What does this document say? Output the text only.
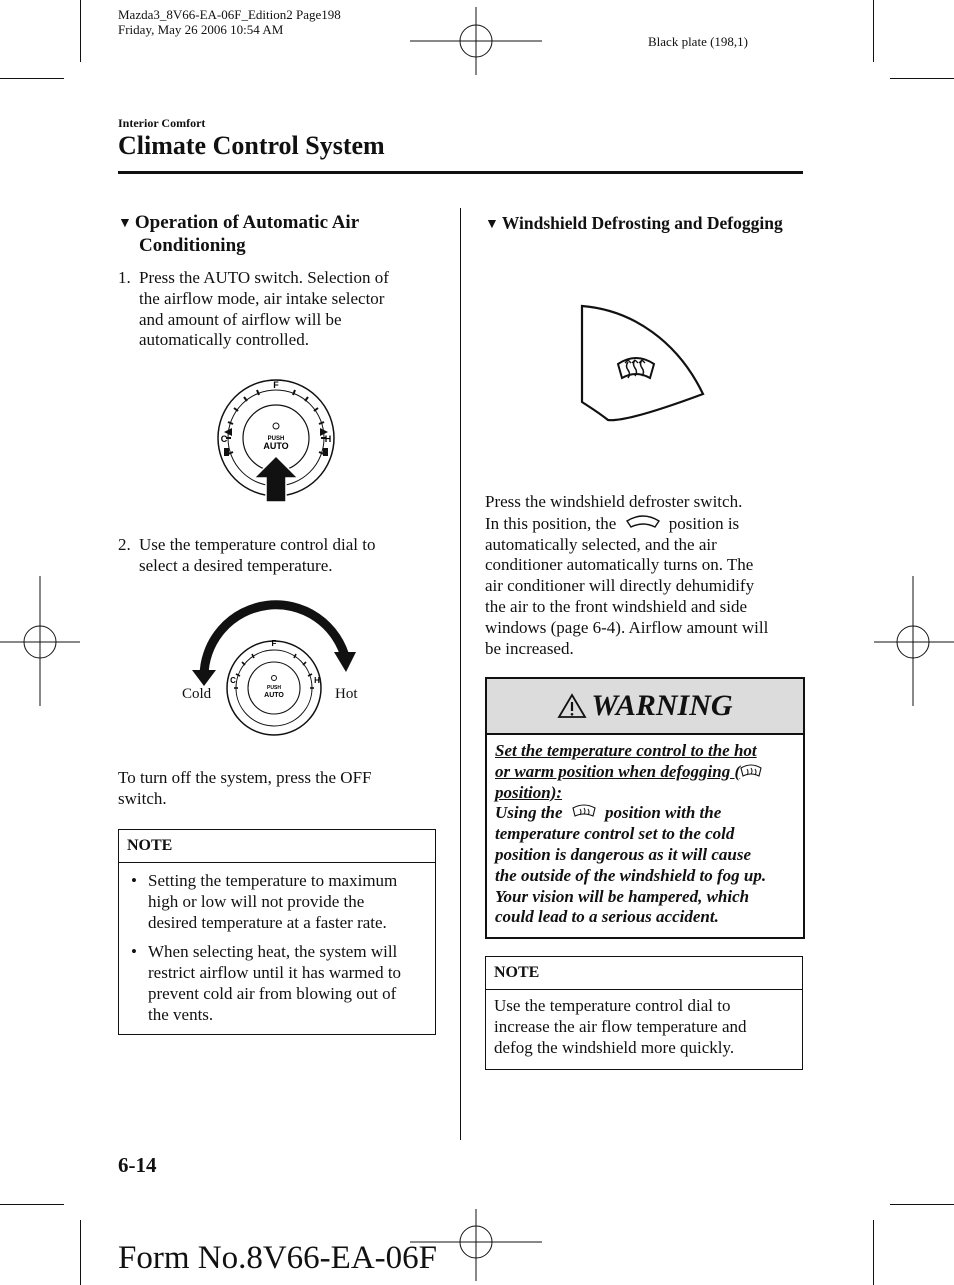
Mazda3_8V66-EA-06F_Edition2 Page198
Friday, May 26 2006 10:54 AM
Black plate (198,1)
Interior Comfort
Climate Control System
▼ Operation of Automatic Air
Conditioning
1. Press the AUTO switch. Selection of
the airflow mode, air intake selector
and amount of airflow will be
automatically controlled.
F
C	H
PUSH
AUTO
2. Use the temperature control dial to
select a desired temperature.
F
C	H
PUSH
AUTO
Cold	Hot

To turn off the system, press the OFF

switch.

NOTE
• Setting the temperature to maximum
high or low will not provide the
desired temperature at a faster rate.
• When selecting heat, the system will
restrict airflow until it has warmed to
prevent cold air from blowing out of
the vents.
▼ Windshield Defrosting and Defogging
Press the windshield defroster switch.
In this position, the	position is
automatically selected, and the air
conditioner automatically turns on. The
air conditioner will directly dehumidify
the air to the front windshield and side
windows (page 6-4). Airflow amount will
be increased.
WARNING
Set the temperature control to the hot
or warm position when defogging (
position):
Using the	position with the
temperature control set to the cold
position is dangerous as it will cause
the outside of the windshield to fog up.
Your vision will be hampered, which
could lead to a serious accident.
NOTE
Use the temperature control dial to
increase the air flow temperature and
defog the windshield more quickly.
6-14
Form No.8V66-EA-06F
